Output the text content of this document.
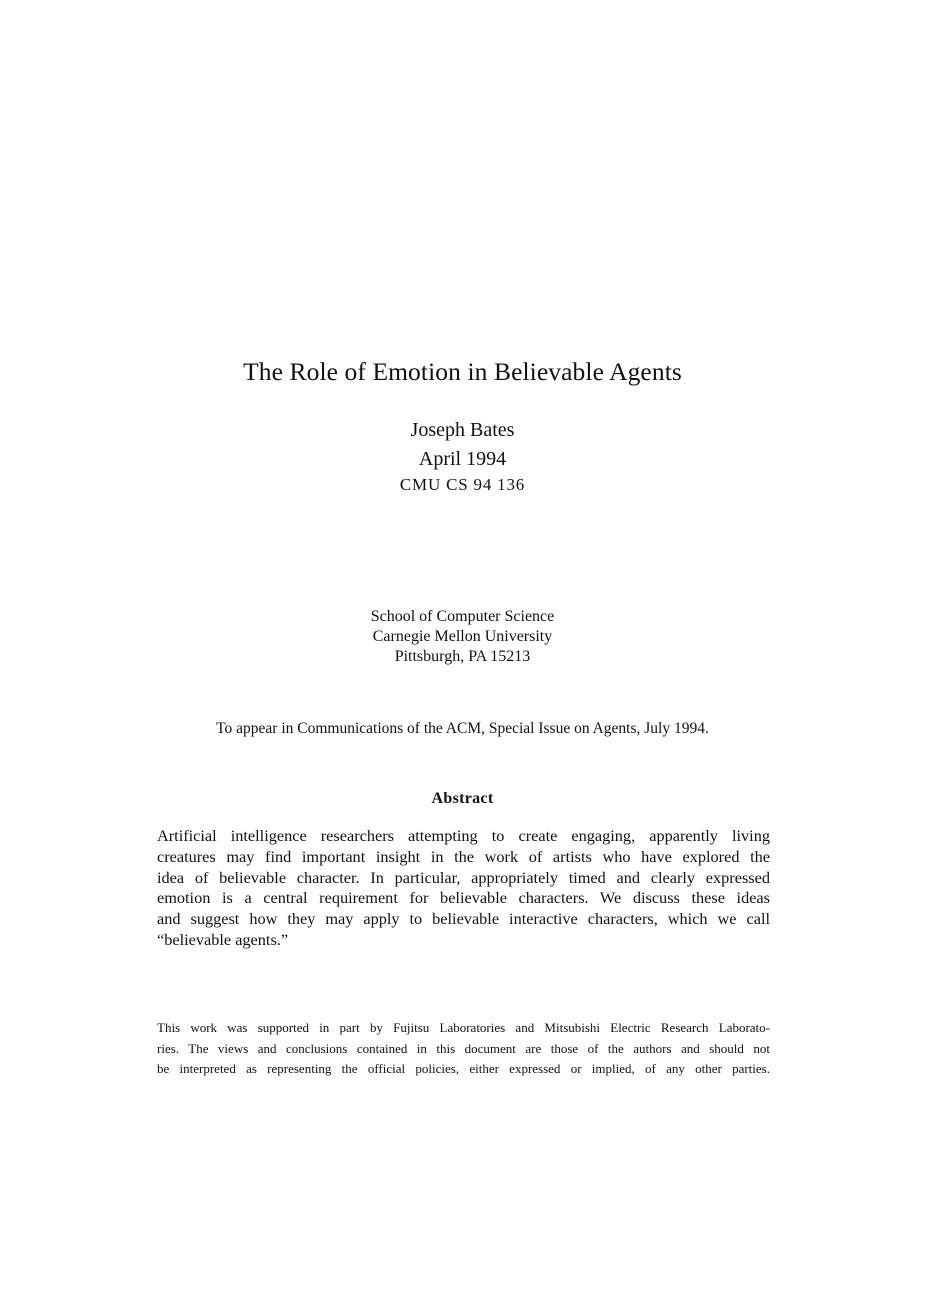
The Role of Emotion in Believable Agents
Joseph Bates
April 1994
CMU CS 94 136
School of Computer Science
Carnegie Mellon University
Pittsburgh, PA 15213
To appear in Communications of the ACM, Special Issue on Agents, July 1994.
Abstract
Artificial intelligence researchers attempting to create engaging, apparently living
creatures may find important insight in the work of artists who have explored the
idea of believable character. In particular, appropriately timed and clearly expressed
emotion is a central requirement for believable characters. We discuss these ideas
and suggest how they may apply to believable interactive characters, which we call
“believable agents.”
This work was supported in part by Fujitsu Laboratories and Mitsubishi Electric Research Laborato-
ries. The views and conclusions contained in this document are those of the authors and should not
be interpreted as representing the official policies, either expressed or implied, of any other parties.
